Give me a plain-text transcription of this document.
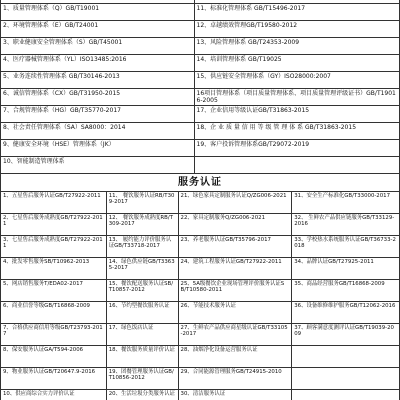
1、质量管理体系（Q）GB/T19001	11、标准化管理体系 GB/T15496-2017
2、环境管理体系（E）GB/T24001	12、卓越绩效管理GB/T19580-2012
3、职业健康安全管理体系（S）GB/T45001	13、风险管理体系 GB/T24353-2009
4、医疗器械管理体系（YL）ISO13485:2016	14、培训管理体系 GB/T19025
5、业务连续性管理体系 GB/T30146-2013	15、供应链安全管理体系（GY）ISO28000:2007
6、诚信管理体系（CX）GB/T31950-2015	16项目管理体系（项目质量管理体系、项目质量管理评级证书）GB/T19016-2005
7、合规管理体系（HG）GB/T35770-2017	17、企业信用等级认证GB/T31863-2015
8、社会责任管理体系（SA）SA8000：2014	18、企 业 质 量 信 用 等 级 管 理 体 系 GB/T31863-2015
9、健康安全环境（HSE）管理体系（JK）	19、客户投诉管理体系GB/T29072-2019
10、智能制造管理体系	
服务认证
1、五星售后服务认证GB/T27922-2011	11、 餐饮服务认证RB/T309-2017	21、绿色家具定制服务认证Q/ZG006-2021	31、安全生产标准化GB/T33000-2017
2、七星售后服务成熟度GB/T27922-2011	12、 餐饮服务成熟度RB/T309-2017	22、家具定制服务Q/ZG006-2021	32、 生鲜农产品供应链服务GB/T33129-2016
3、七星售后服务成熟度GB/T27922-2011	13、 履约能力评价服务认证GB/T33718-2017	23、养老服务认证GB/T35796-2017	33、学校热水系统服务认证GB/T36733-2018
4、批发零售服务SB/T10962-2013	14、绿色供应链GB/T33635-2017	24、建筑工程服务认证GB/T27922-2011	34、品牌认证GB/T27925-2011
5、网店销售服务T/EDA02-2017	15、餐饮配送服务认证SB/T10857-2012	25、5A级餐饮企业现场管理评价服务认证SB/T10580-2011	35、商品经营服务GB/T16868-2009
6、商业信誉等级GB/T16868-2009	16、节约型餐饮服务认证	26、节能技术服务认证	36、设备维修维护服务GB/T12062-2016
7、合格供应商信用等级GB/T23793-2017	17、绿色饭店认证	27、生鲜农产品供应商星级认证GB/T33105-2017	37、顾客满意度测评认证GB/T19039-2009
8、保安服务认证GA/T594-2006	18、餐饮服务质量评价认证	28、油烟净化设备运营服务认证	
9、物业服务认证GB/T20647.9-2016	19、团餐管理服务认证GB/T10856-2012	29、合同能源管理服务GB/T24915-2010	
10、供应商综合实力评价认证	20、生活垃圾分类服务认证	30、清洁服务认证	
